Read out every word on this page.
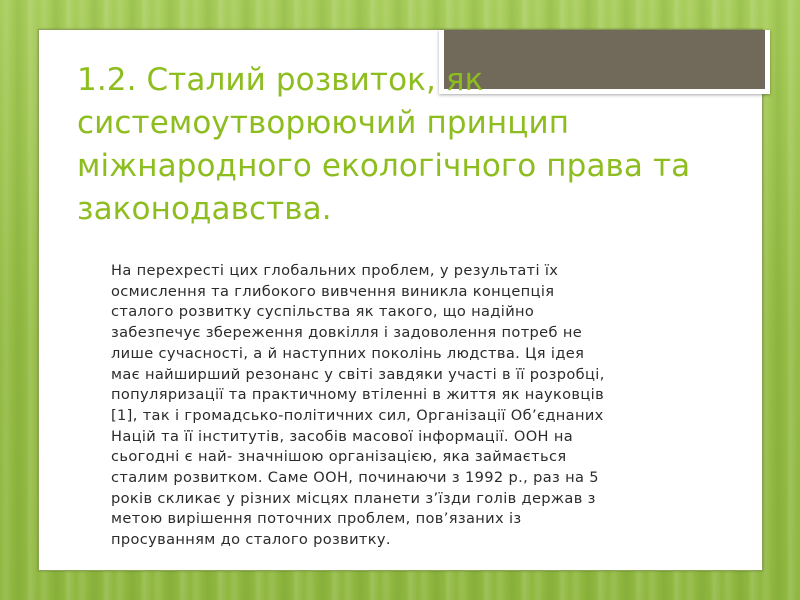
1.2. Сталий розвиток, як системоутворюючий принцип міжнародного екологічного права та законодавства.

На перехресті цих глобальних проблем, у результаті їх
осмислення та глибокого вивчення виникла концепція
сталого розвитку суспільства як такого, що надійно
забезпечує збереження довкілля і задоволення потреб не
лише сучасності, а й наступних поколінь людства. Ця ідея
має найширший резонанс у світі завдяки участі в її розробці,
популяризації та практичному втіленні в життя як науковців
[1], так і громадсько-політичних сил, Організації Об’єднаних
Націй та її інститутів, засобів масової інформації. ООН на
сьогодні є най- значнішою організацією, яка займається
сталим розвитком. Саме ООН, починаючи з 1992 р., раз на 5
років скликає у різних місцях планети з’їзди голів держав з
метою вирішення поточних проблем, пов’язаних із
просуванням до сталого розвитку.
